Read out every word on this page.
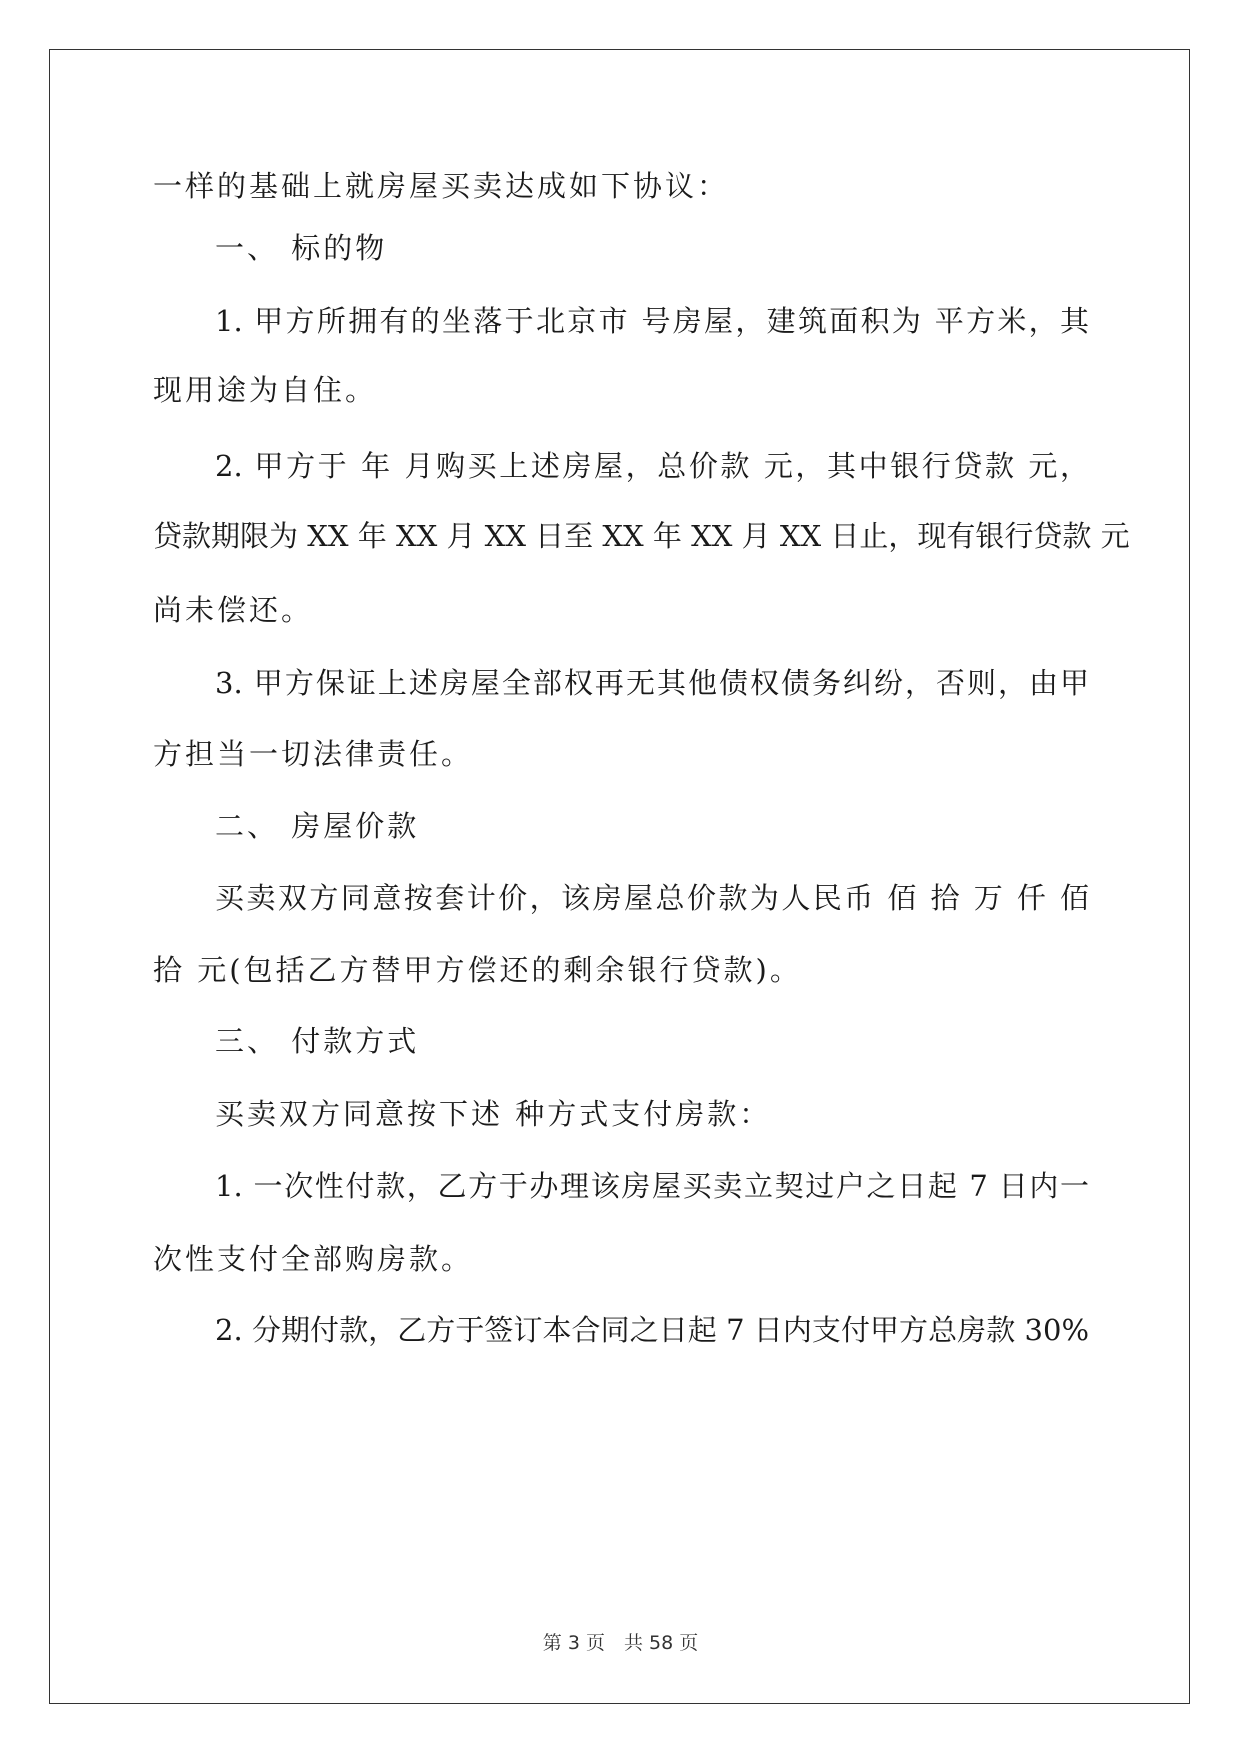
一样的基础上就房屋买卖达成如下协议：
一、 标的物
1. 甲方所拥有的坐落于北京市 号房屋，建筑面积为 平方米，其
现用途为自住。
2. 甲方于 年 月购买上述房屋，总价款 元，其中银行贷款 元，
贷款期限为 XX 年 XX 月 XX 日至 XX 年 XX 月 XX 日止，现有银行贷款 元
尚未偿还。
3. 甲方保证上述房屋全部权再无其他债权债务纠纷，否则，由甲
方担当一切法律责任。
二、 房屋价款
买卖双方同意按套计价，该房屋总价款为人民币 佰 拾 万 仟 佰
拾 元(包括乙方替甲方偿还的剩余银行贷款)。
三、 付款方式
买卖双方同意按下述 种方式支付房款：
1. 一次性付款，乙方于办理该房屋买卖立契过户之日起 7 日内一
次性支付全部购房款。
2. 分期付款，乙方于签订本合同之日起 7 日内支付甲方总房款 30%
第 3 页　共 58 页
